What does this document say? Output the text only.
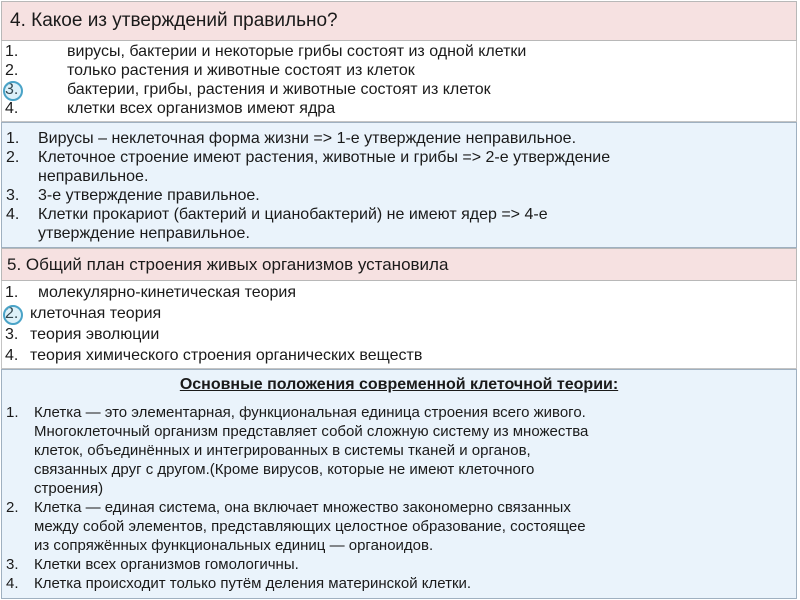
4. Какое из утверждений правильно?
1.	вирусы, бактерии и некоторые грибы состоят из одной клетки
2.	только растения и животные состоят из клеток
3.	бактерии, грибы, растения и животные состоят из клеток
4.	клетки всех организмов имеют ядра
1. Вирусы – неклеточная форма жизни => 1-е утверждение неправильное.
2. Клеточное строение имеют растения, животные и грибы => 2-е утверждение
неправильное.
3. 3-е утверждение правильное.
4. Клетки прокариот (бактерий и цианобактерий) не имеют ядер => 4-е
утверждение неправильное.
5. Общий план строения живых организмов установила
1. молекулярно-кинетическая теория
2. клеточная теория
3. теория эволюции
4. теория химического строения органических веществ
Основные положения современной клеточной теории:
1. Клетка — это элементарная, функциональная единица строения всего живого.
Многоклеточный организм представляет собой сложную систему из множества
клеток, объединённых и интегрированных в системы тканей и органов,
связанных друг с другом.(Кроме вирусов, которые не имеют клеточного
строения)
2. Клетка — единая система, она включает множество закономерно связанных
между собой элементов, представляющих целостное образование, состоящее
из сопряжённых функциональных единиц — органоидов.
3. Клетки всех организмов гомологичны.
4. Клетка происходит только путём деления материнской клетки.
